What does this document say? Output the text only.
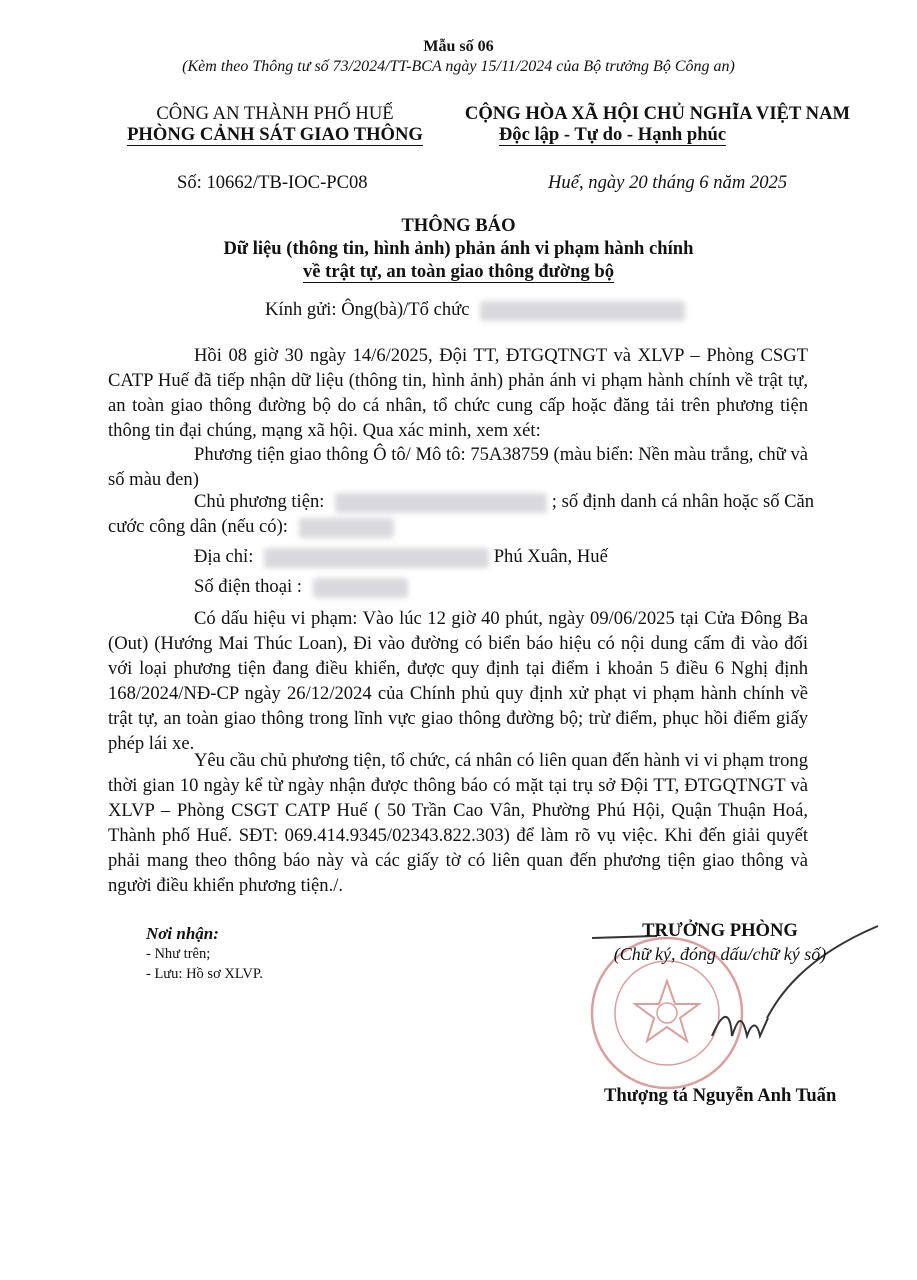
Mẫu số 06
(Kèm theo Thông tư số 73/2024/TT-BCA ngày 15/11/2024 của Bộ trưởng Bộ Công an)
CÔNG AN THÀNH PHỐ HUẾ
PHÒNG CẢNH SÁT GIAO THÔNG
CỘNG HÒA XÃ HỘI CHỦ NGHĨA VIỆT NAM
Độc lập - Tự do - Hạnh phúc
Số: 10662/TB-IOC-PC08	Huế, ngày 20 tháng 6 năm 2025
THÔNG BÁO
Dữ liệu (thông tin, hình ảnh) phản ánh vi phạm hành chính
về trật tự, an toàn giao thông đường bộ
Kính gửi: Ông(bà)/Tổ chức
Hồi 08 giờ 30 ngày 14/6/2025, Đội TT, ĐTGQTNGT và XLVP – Phòng CSGT CATP Huế đã tiếp nhận dữ liệu (thông tin, hình ảnh) phản ánh vi phạm hành chính về trật tự, an toàn giao thông đường bộ do cá nhân, tổ chức cung cấp hoặc đăng tải trên phương tiện thông tin đại chúng, mạng xã hội. Qua xác minh, xem xét:
Phương tiện giao thông Ô tô/ Mô tô: 75A38759 (màu biển: Nền màu trắng, chữ và số màu đen)
Chủ phương tiện:	; số định danh cá nhân hoặc số Căn
cước công dân (nếu có):
Địa chỉ:	Phú Xuân, Huế
Số điện thoại :
Có dấu hiệu vi phạm: Vào lúc 12 giờ 40 phút, ngày 09/06/2025 tại Cửa Đông Ba (Out) (Hướng Mai Thúc Loan), Đi vào đường có biển báo hiệu có nội dung cấm đi vào đối với loại phương tiện đang điều khiển, được quy định tại điểm i khoản 5 điều 6 Nghị định 168/2024/NĐ-CP ngày 26/12/2024 của Chính phủ quy định xử phạt vi phạm hành chính về trật tự, an toàn giao thông trong lĩnh vực giao thông đường bộ; trừ điểm, phục hồi điểm giấy phép lái xe.
Yêu cầu chủ phương tiện, tổ chức, cá nhân có liên quan đến hành vi vi phạm trong thời gian 10 ngày kể từ ngày nhận được thông báo có mặt tại trụ sở Đội TT, ĐTGQTNGT và XLVP – Phòng CSGT CATP Huế ( 50 Trần Cao Vân, Phường Phú Hội, Quận Thuận Hoá, Thành phố Huế. SĐT: 069.414.9345/02343.822.303) để làm rõ vụ việc. Khi đến giải quyết phải mang theo thông báo này và các giấy tờ có liên quan đến phương tiện giao thông và người điều khiển phương tiện./.
Nơi nhận:
- Như trên;
- Lưu: Hồ sơ XLVP.
TRƯỞNG PHÒNG
(Chữ ký, đóng dấu/chữ ký số)
Thượng tá Nguyễn Anh Tuấn
